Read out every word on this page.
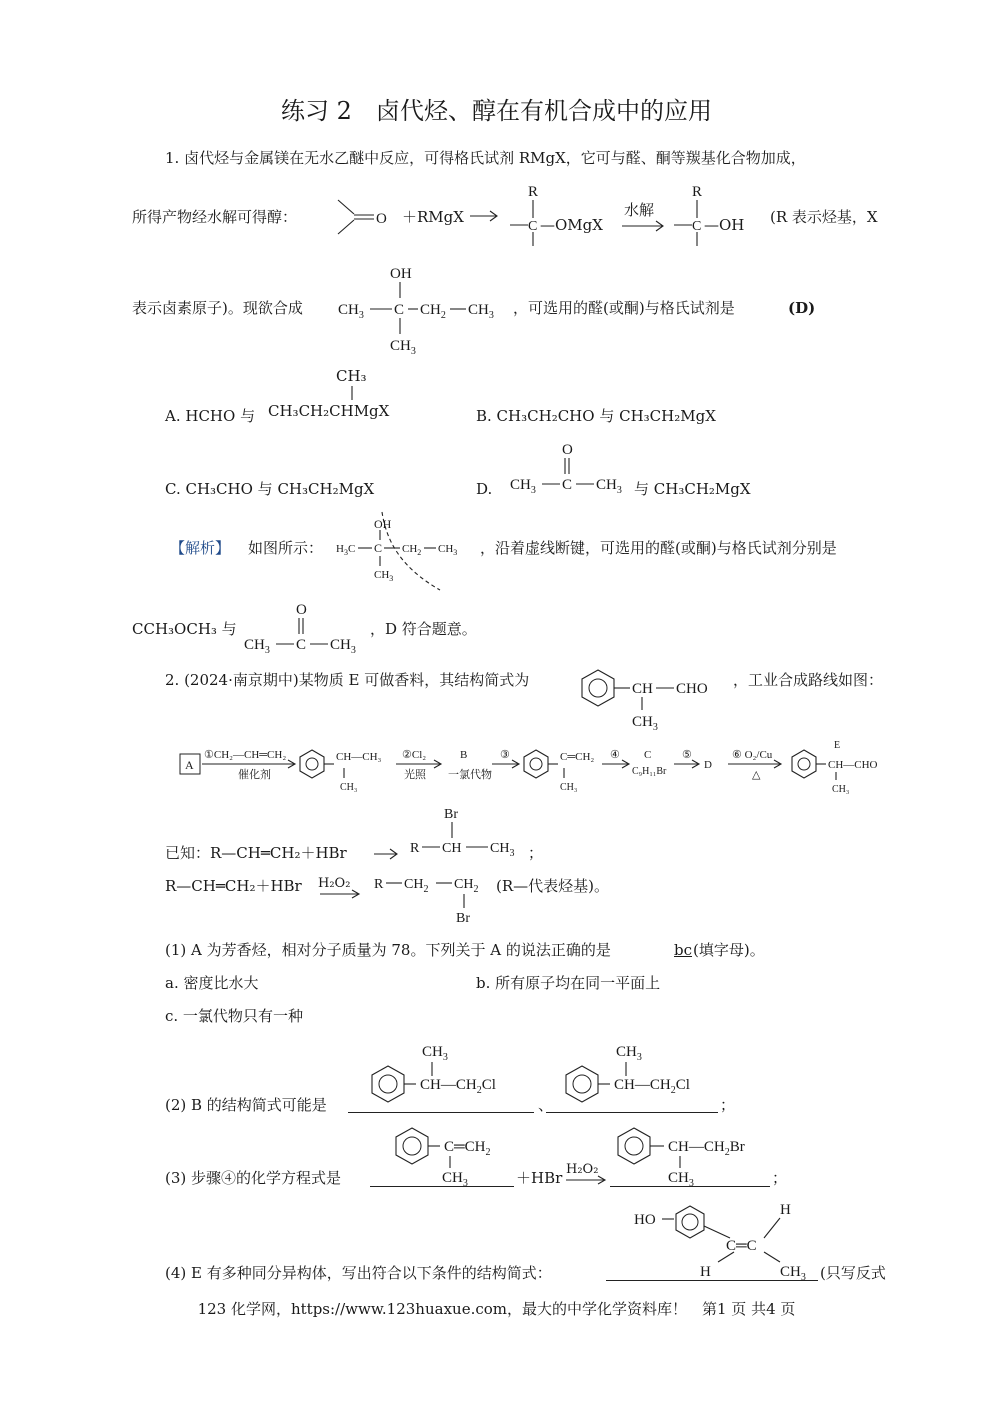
练习 2　卤代烃、醇在有机合成中的应用
1. 卤代烃与金属镁在无水乙醚中反应，可得格氏试剂 RMgX，它可与醛、酮等羰基化合物加成，
所得产物经水解可得醇：	O ＋RMgX →
R
C —OMgX
水解
R
C —OH (R 表示烃基，X
表示卤素原子)。现欲合成
OH
$CH_3$ C $CH_2$ $CH_3$
$CH_3$
，可选用的醛(或酮)与格氏试剂是	(D)
A. HCHO 与
CH₃
CH₃CH₂CHMgX	B. CH₃CH₂CHO 与 CH₃CH₂MgX
C. CH₃CHO 与 CH₃CH₂MgX	D.
O
$CH_3$ C $CH_3$ 与 CH₃CH₂MgX
【解析】 如图所示：
OH
$H_3C$ C $CH_2$ $CH_3$
$CH_3$
，沿着虚线断键，可选用的醛(或酮)与格氏试剂分别是
CCH₃OCH₃ 与
O
$CH_3$ C $CH_3$
，D 符合题意。
2. (2024·南京期中)某物质 E 可做香料，其结构简式为	CH CHO
$CH_3$
，工业合成路线如图：
A
①CH₂—CH═CH₂
催化剂
CH—CH₃
CH₃
②Cl₂
光照
B
一氯代物
③	C═CH₂
CH₃
④ C
C₉H₁₁Br
⑤
D
⑥ O₂/Cu
△
E
CH—CHO
CH₃
已知：R—CH═CH₂＋HBr
Br
R CH $CH_3$ ；
R—CH═CH₂＋HBr H₂O₂ R $CH_2$ $CH_2$
Br
(R—代表烃基)。
(1) A 为芳香烃，相对分子质量为 78。下列关于 A 的说法正确的是	bc (填字母)。
a. 密度比水大	b. 所有原子均在同一平面上
c. 一氯代物只有一种
(2) B 的结构简式可能是
$CH—CH_2Cl$
$CH_3$
、
$CH—CH_2Cl$
$CH_3$
；
(3) 步骤④的化学方程式是
$C═CH_2$
$CH_3$	＋HBr H₂O₂
$CH—CH_2Br$
$CH_3$	；
(4) E 有多种同分异构体，写出符合以下条件的结构简式：
HO
C═C
H
H
$CH_3$ (只写反式
123 化学网，https://www.123huaxue.com，最大的中学化学资料库！　第1 页 共4 页
